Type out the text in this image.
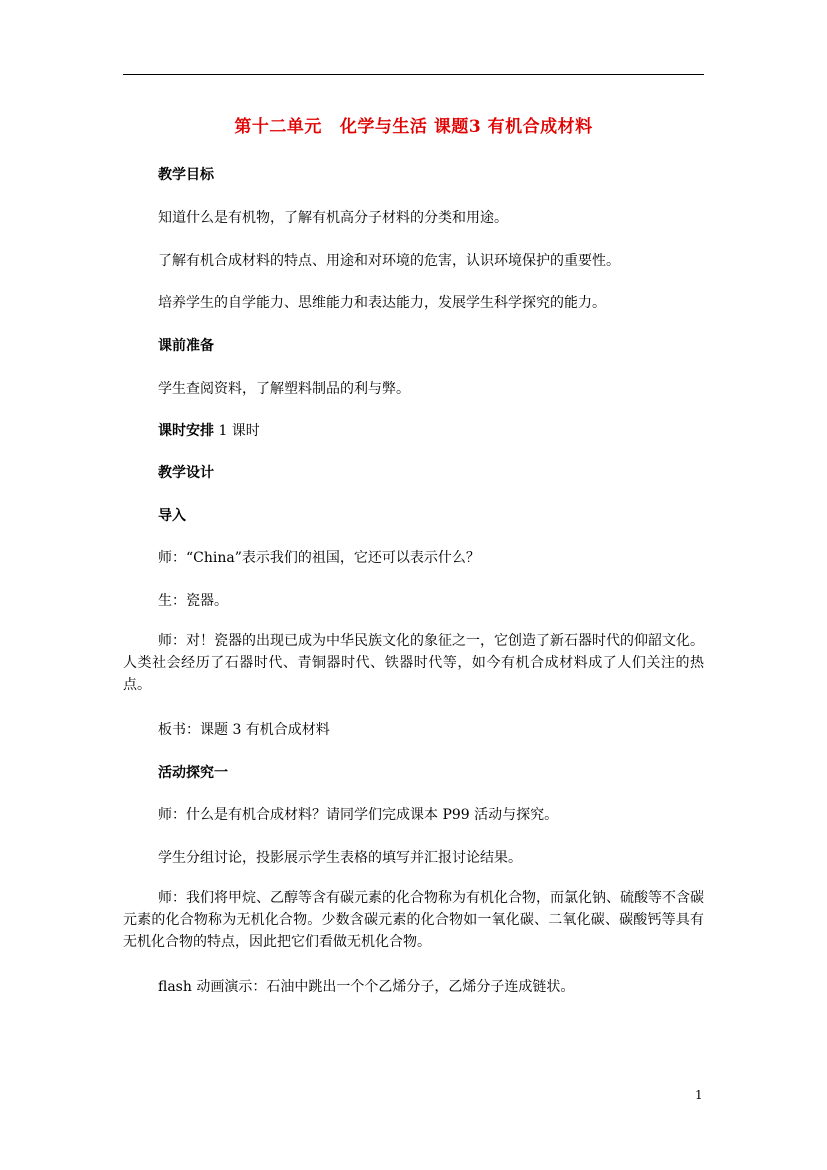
第十二单元 化学与生活 课题3 有机合成材料
教学目标
知道什么是有机物，了解有机高分子材料的分类和用途。
了解有机合成材料的特点、用途和对环境的危害，认识环境保护的重要性。
培养学生的自学能力、思维能力和表达能力，发展学生科学探究的能力。
课前准备
学生查阅资料，了解塑料制品的利与弊。
课时安排 1 课时
教学设计
导入
师：“China”表示我们的祖国，它还可以表示什么？
生：瓷器。
师：对！瓷器的出现已成为中华民族文化的象征之一，它创造了新石器时代的仰韶文化。人类社会经历了石器时代、青铜器时代、铁器时代等，如今有机合成材料成了人们关注的热点。
板书：课题 3 有机合成材料
活动探究一
师：什么是有机合成材料？请同学们完成课本 P99 活动与探究。
学生分组讨论，投影展示学生表格的填写并汇报讨论结果。
师：我们将甲烷、乙醇等含有碳元素的化合物称为有机化合物，而氯化钠、硫酸等不含碳元素的化合物称为无机化合物。少数含碳元素的化合物如一氧化碳、二氧化碳、碳酸钙等具有无机化合物的特点，因此把它们看做无机化合物。
flash 动画演示：石油中跳出一个个乙烯分子，乙烯分子连成链状。
1
